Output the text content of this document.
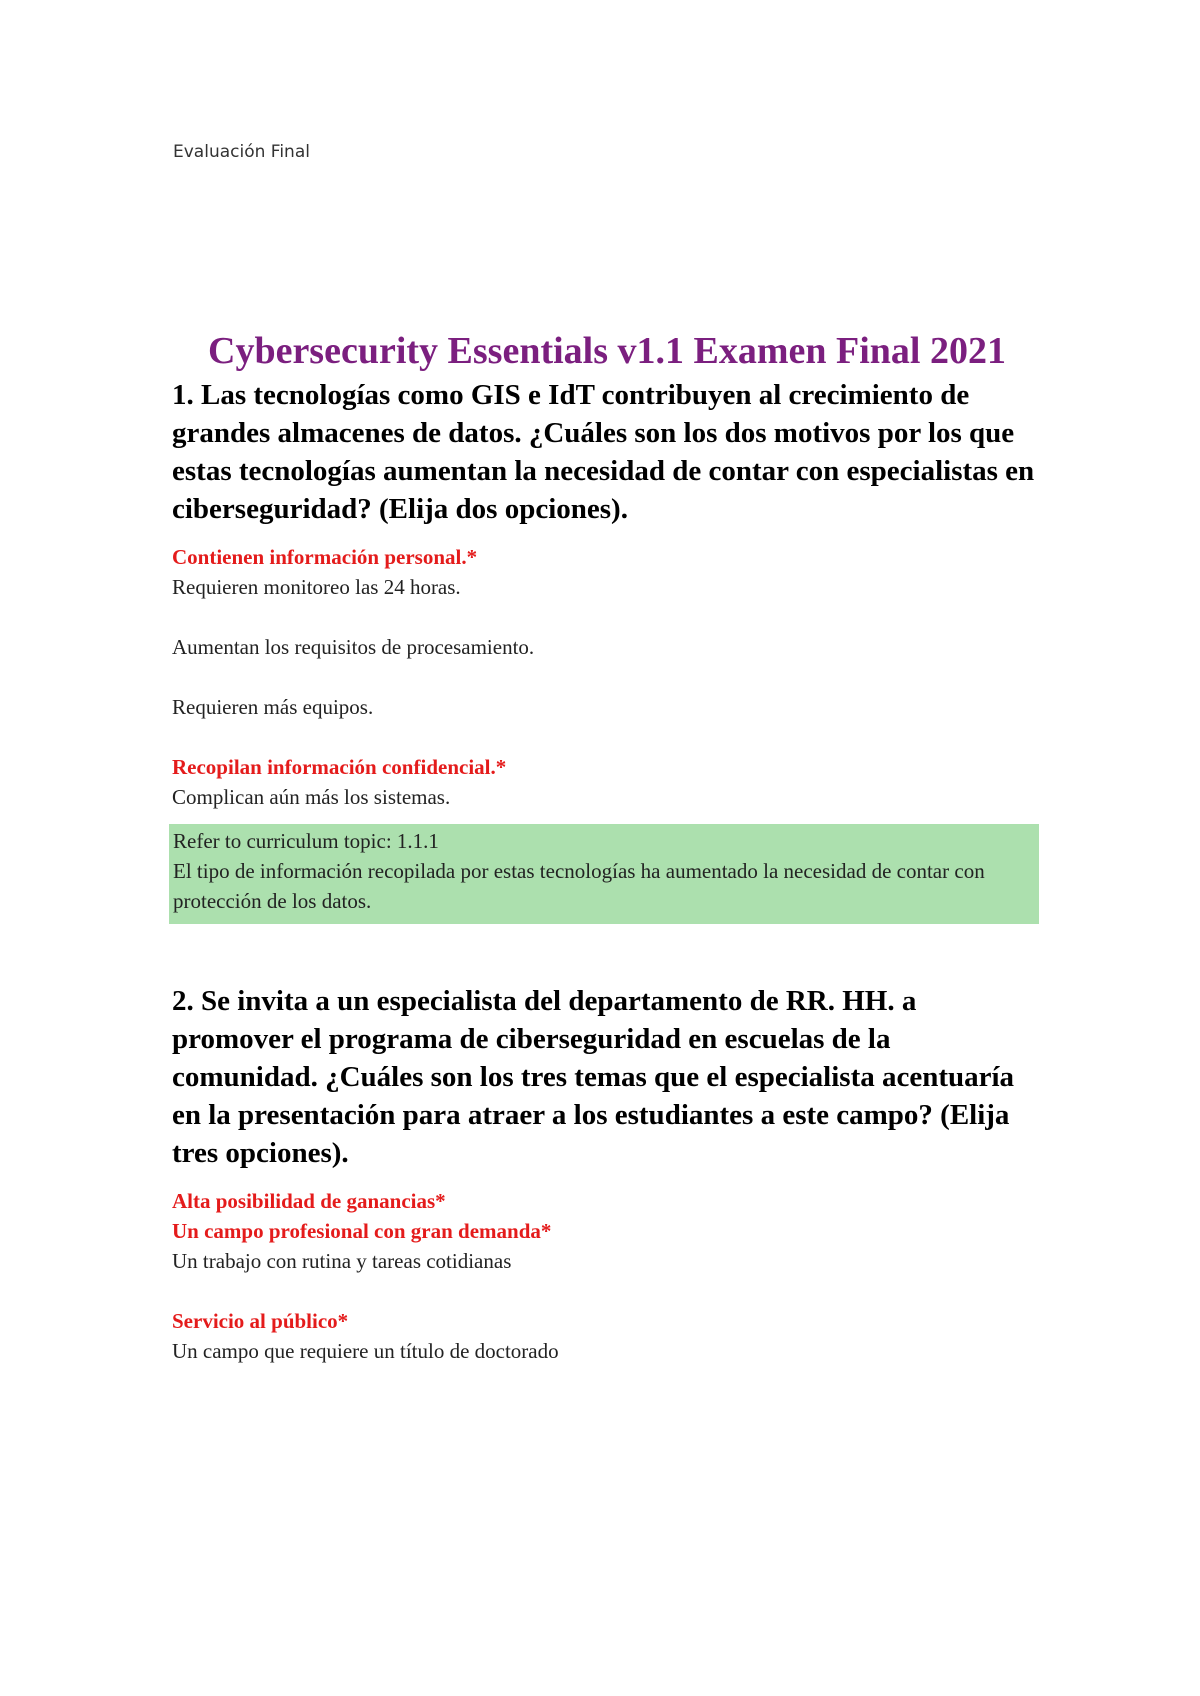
Evaluación Final
Cybersecurity Essentials v1.1 Examen Final 2021

1. Las tecnologías como GIS e IdT contribuyen al crecimiento de grandes almacenes de datos. ¿Cuáles son los dos motivos por los que estas tecnologías aumentan la necesidad de contar con especialistas en ciberseguridad? (Elija dos opciones).

Contienen información personal.*

Requieren monitoreo las 24 horas.

Aumentan los requisitos de procesamiento.

Requieren más equipos.

Recopilan información confidencial.*

Complican aún más los sistemas.

Refer to curriculum topic: 1.1.1

El tipo de información recopilada por estas tecnologías ha aumentado la necesidad de contar con protección de los datos.

2. Se invita a un especialista del departamento de RR. HH. a promover el programa de ciberseguridad en escuelas de la comunidad. ¿Cuáles son los tres temas que el especialista acentuaría en la presentación para atraer a los estudiantes a este campo? (Elija tres opciones).

Alta posibilidad de ganancias*

Un campo profesional con gran demanda*

Un trabajo con rutina y tareas cotidianas

Servicio al público*

Un campo que requiere un título de doctorado
